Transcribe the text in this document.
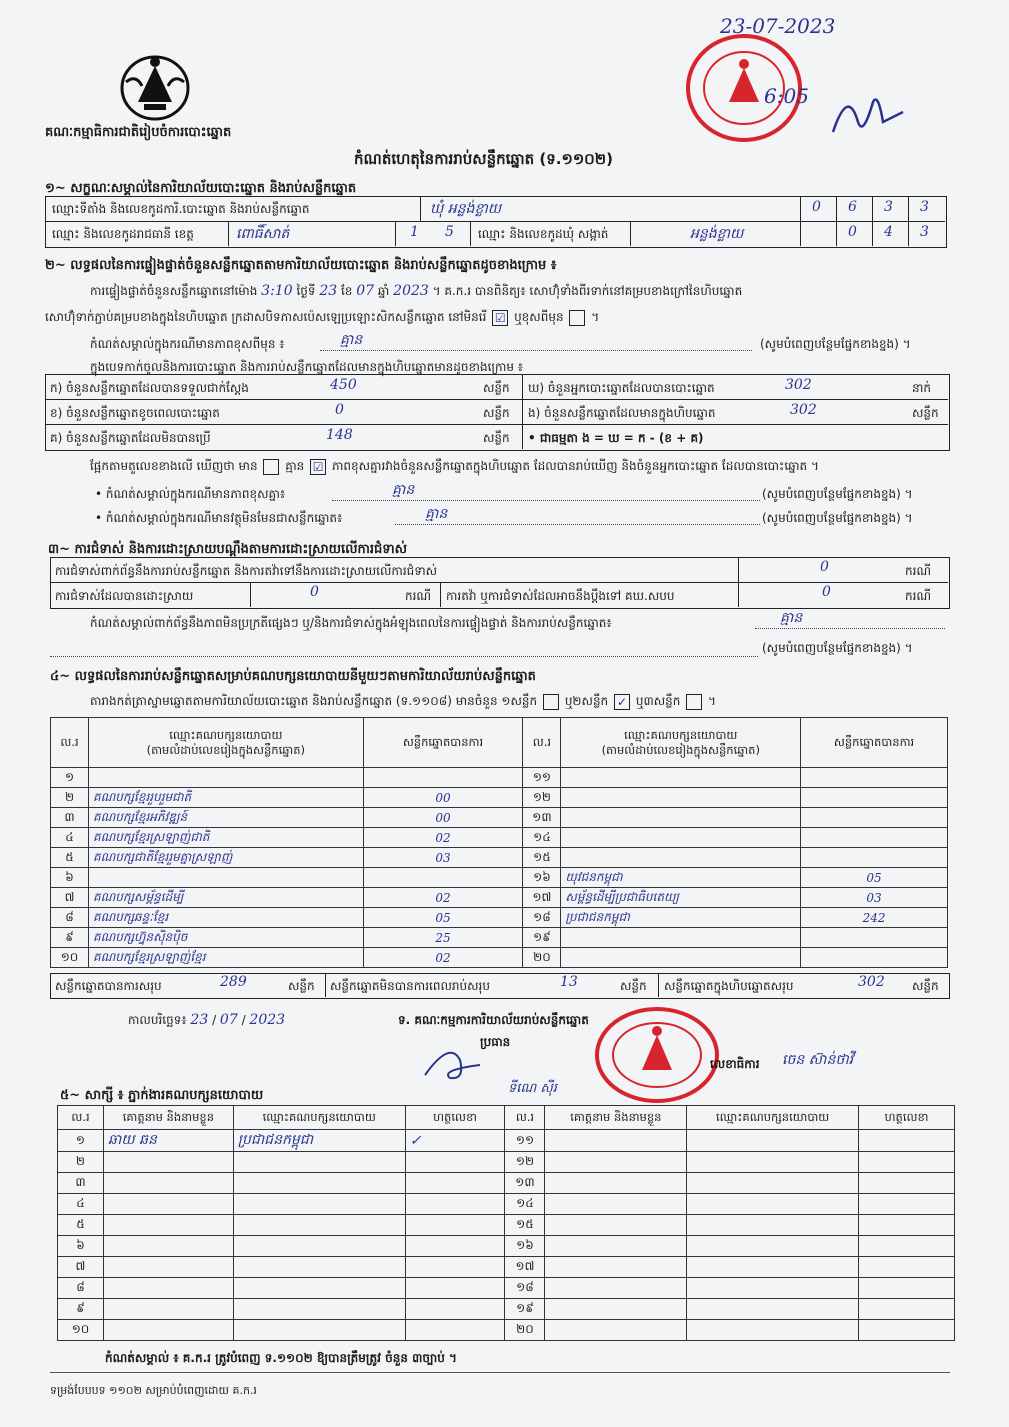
គណៈកម្មាធិការជាតិរៀបចំការបោះឆ្នោត
23-07-2023
6:05
កំណត់ហេតុនៃការរាប់សន្លឹកឆ្នោត (ទ.១១០២)
១~ សក្ខណៈសម្គាល់នៃការិយាល័យបោះឆ្នោត និងរាប់សន្លឹកឆ្នោត
ឈ្មោះទីតាំង និងលេខកូដការិ.បោះឆ្នោត និងរាប់សន្លឹកឆ្នោត	ឃុំ អន្លង់ខ្លាយ	0 6 3 3
ឈ្មោះ និងលេខកូដរាជធានី ខេត្ត	ពោធិ៍សាត់	1 5 ឈ្មោះ និងលេខកូដឃុំ សង្កាត់	អន្លង់ខ្លាយ	0 4 3
២~ លទ្ធផលនៃការផ្ទៀងផ្ទាត់ចំនួនសន្លឹកឆ្នោតតាមការិយាល័យបោះឆ្នោត និងរាប់សន្លឹកឆ្នោតដូចខាងក្រោម ៖
ការផ្ទៀងផ្ទាត់ចំនួនសន្លឹកឆ្នោតនៅម៉ោង 3:10 ថ្ងៃទី 23 ខែ 07 ឆ្នាំ 2023 ។ គ.ក.រ បានពិនិត្យ៖ សោហ៊ុំទាំងពីរទាក់នៅគម្របខាងក្រៅនៃហិបឆ្នោត
សោហ៊ុំទាក់ភ្ជាប់គម្របខាងក្នុងនៃហិបឆ្នោត ក្រដាសបិទភាសប៉េសឡេប្រឡោះសិកសន្លឹកឆ្នោត នៅមិនរើ ☑ ឬខុសពីមុន  ។
កំណត់សម្គាល់ក្នុងករណីមានភាពខុសពីមុន ៖	គ្មាន	(សូមបំពេញបន្ថែមផ្នែកខាងខ្នង) ។
ក្នុងបេទកាក់ចូលនិងការបោះឆ្នោត និងការរាប់សន្លឹកឆ្នោតដែលមានក្នុងហិបឆ្នោតមានដូចខាងក្រោម ៖
ក) ចំនួនសន្លឹកឆ្នោតដែលបានទទួលជាក់ស្តែង	450	សន្លឹក
ខ) ចំនួនសន្លឹកឆ្នោតខូចពេលបោះឆ្នោត	0	សន្លឹក
គ) ចំនួនសន្លឹកឆ្នោតដែលមិនបានប្រើ	148	សន្លឹក
ឃ) ចំនួនអ្នកបោះឆ្នោតដែលបានបោះឆ្នោត	302	នាក់
ង) ចំនួនសន្លឹកឆ្នោតដែលមានក្នុងហិបឆ្នោត	302	សន្លឹក
• ជាធម្មតា ង = ឃ = ក - (ខ + គ)
ផ្អែកតាមតួលេខខាងលើ ឃើញថា មាន គ្មាន ☑ ភាពខុសគ្នារវាងចំនួនសន្លឹកឆ្នោតក្នុងហិបឆ្នោត ដែលបានរាប់ឃើញ និងចំនួនអ្នកបោះឆ្នោត ដែលបានបោះឆ្នោត ។
• កំណត់សម្គាល់ក្នុងករណីមានភាពខុសគ្នា៖	គ្មាន	(សូមបំពេញបន្ថែមផ្នែកខាងខ្នង) ។
• កំណត់សម្គាល់ក្នុងករណីមានវត្ថុមិនមែនជាសន្លឹកឆ្នោត៖	គ្មាន	(សូមបំពេញបន្ថែមផ្នែកខាងខ្នង) ។
៣~ ការជំទាស់ និងការដោះស្រាយបណ្តឹងតាមការដោះស្រាយលើការជំទាស់
ការជំទាស់ពាក់ព័ន្ធនឹងការរាប់សន្លឹកឆ្នោត និងការតវ៉ាទៅនឹងការដោះស្រាយលើការជំទាស់	0	ករណី
ការជំទាស់ដែលបានដោះស្រាយ	0	ករណី ការតវ៉ា ឬការជំទាស់ដែលអាចនឹងប្តឹងទៅ គឃ.សបប	0	ករណី
កំណត់សម្គាល់ពាក់ព័ន្ធនឹងភាពមិនប្រក្រតីផ្សេងៗ ឬ/និងការជំទាស់ក្នុងអំឡុងពេលនៃការផ្ទៀងផ្ទាត់ និងការរាប់សន្លឹកឆ្នោត៖	គ្មាន
(សូមបំពេញបន្ថែមផ្នែកខាងខ្នង) ។
៤~ លទ្ធផលនៃការរាប់សន្លឹកឆ្នោតសម្រាប់គណបក្សនយោបាយនីមួយៗតាមការិយាល័យរាប់សន្លឹកឆ្នោត
តារាងកត់ត្រាស្នាមឆ្នោតតាមការិយាល័យបោះឆ្នោត និងរាប់សន្លឹកឆ្នោត (ទ.១១០៨) មានចំនួន ១សន្លឹក ឬ២សន្លឹក ✓ ឬ៣សន្លឹក  ។
ល.រ	ឈ្មោះគណបក្សនយោបាយ
(តាមលំដាប់លេខរៀងក្នុងសន្លឹកឆ្នោត)	សន្លឹកឆ្នោតបានការ	ល.រ	ឈ្មោះគណបក្សនយោបាយ
(តាមលំដាប់លេខរៀងក្នុងសន្លឹកឆ្នោត)	សន្លឹកឆ្នោតបានការ
១			១១		
២	គណបក្សខ្មែររួបរួមជាតិ	00	១២		
៣	គណបក្សខ្មែរអភិវឌ្ឍន៍	00	១៣		
៤	គណបក្សខ្មែរស្រឡាញ់ជាតិ	02	១៤		
៥	គណបក្សជាតិខ្មែររួមគ្នាស្រឡាញ់	03	១៥		
៦			១៦	យុវជនកម្ពុជា	05
៧	គណបក្សសម្ព័ន្ធដើម្បី	02	១៧	សម្ព័ន្ធដើម្បីប្រជាធិបតេយ្យ	03
៨	គណបក្សឆន្ទៈខ្មែរ	05	១៨	ប្រជាជនកម្ពុជា	242
៩	គណបក្សហ្វ៊ុនស៊ិនប៉ិច	25	១៩		
១០	គណបក្សខ្មែរស្រឡាញ់ខ្មែរ	02	២០		
សន្លឹកឆ្នោតបានការសរុប	289	សន្លឹក សន្លឹកឆ្នោតមិនបានការពេលរាប់សរុប	13	សន្លឹក សន្លឹកឆ្នោតក្នុងហិបឆ្នោតសរុប	302 សន្លឹក
កាលបរិច្ឆេទ៖ 23 / 07 / 2023	ទ. គណៈកម្មការការិយាល័យរាប់សន្លឹកឆ្នោត
ប្រធាន
លេខាធិការ ចេន ស៊ាន់ថាវី
ទីណេ ស៊ីរ
៥~ សាក្សី ៖ ភ្នាក់ងារគណបក្សនយោបាយ
ល.រ	គោត្តនាម និងនាមខ្លួន	ឈ្មោះគណបក្សនយោបាយ	ហត្ថលេខា	ល.រ	គោត្តនាម និងនាមខ្លួន	ឈ្មោះគណបក្សនយោបាយ	ហត្ថលេខា
១	ឆាយ ឆន	ប្រជាជនកម្ពុជា	✓	១១			
២				១២			
៣				១៣			
៤				១៤			
៥				១៥			
៦				១៦			
៧				១៧			
៨				១៨			
៩				១៩			
១០				២០			
កំណត់សម្គាល់ ៖ គ.ក.រ ត្រូវបំពេញ ទ.១១០២ ឱ្យបានត្រឹមត្រូវ ចំនួន ៣ច្បាប់ ។
ទម្រង់បែបបទ ១១០២ សម្រាប់បំពេញដោយ គ.ក.រ
